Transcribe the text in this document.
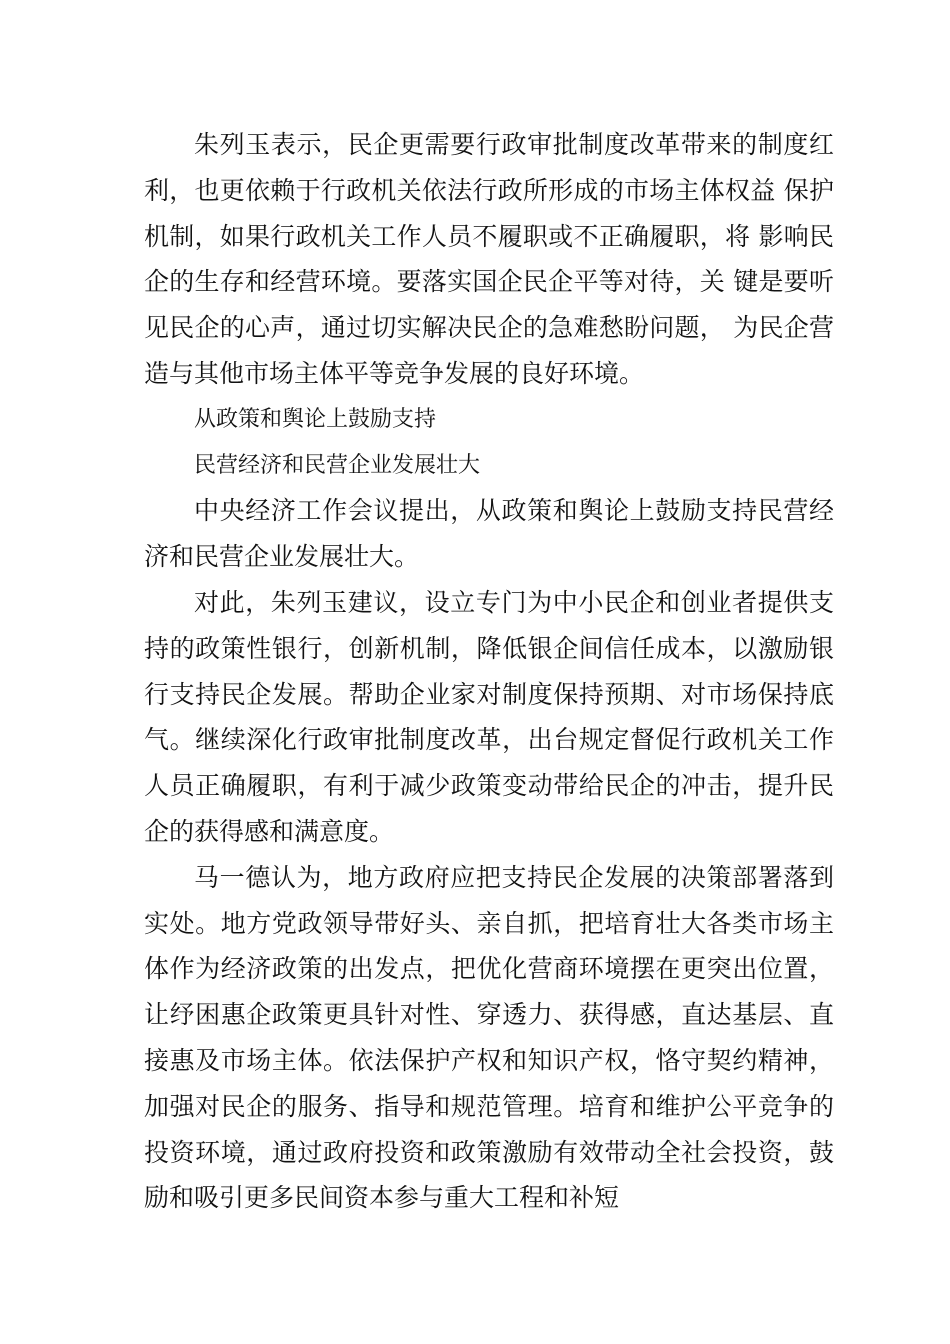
朱列玉表示，民企更需要行政审批制度改革带来的制度红利，也更依赖于行政机关依法行政所形成的市场主体权益 保护机制，如果行政机关工作人员不履职或不正确履职，将 影响民企的生存和经营环境。要落实国企民企平等对待，关 键是要听见民企的心声，通过切实解决民企的急难愁盼问题， 为民企营造与其他市场主体平等竞争发展的良好环境。

从政策和舆论上鼓励支持

民营经济和民营企业发展壮大

中央经济工作会议提出，从政策和舆论上鼓励支持民营经济和民营企业发展壮大。

对此，朱列玉建议，设立专门为中小民企和创业者提供支持的政策性银行，创新机制，降低银企间信任成本，以激励银行支持民企发展。帮助企业家对制度保持预期、对市场保持底气。继续深化行政审批制度改革，出台规定督促行政机关工作人员正确履职，有利于减少政策变动带给民企的冲击，提升民企的获得感和满意度。

马一德认为，地方政府应把支持民企发展的决策部署落到实处。地方党政领导带好头、亲自抓，把培育壮大各类市场主体作为经济政策的出发点，把优化营商环境摆在更突出位置，让纾困惠企政策更具针对性、穿透力、获得感，直达基层、直接惠及市场主体。依法保护产权和知识产权，恪守契约精神，加强对民企的服务、指导和规范管理。培育和维护公平竞争的投资环境，通过政府投资和政策激励有效带动全社会投资，鼓励和吸引更多民间资本参与重大工程和补短
